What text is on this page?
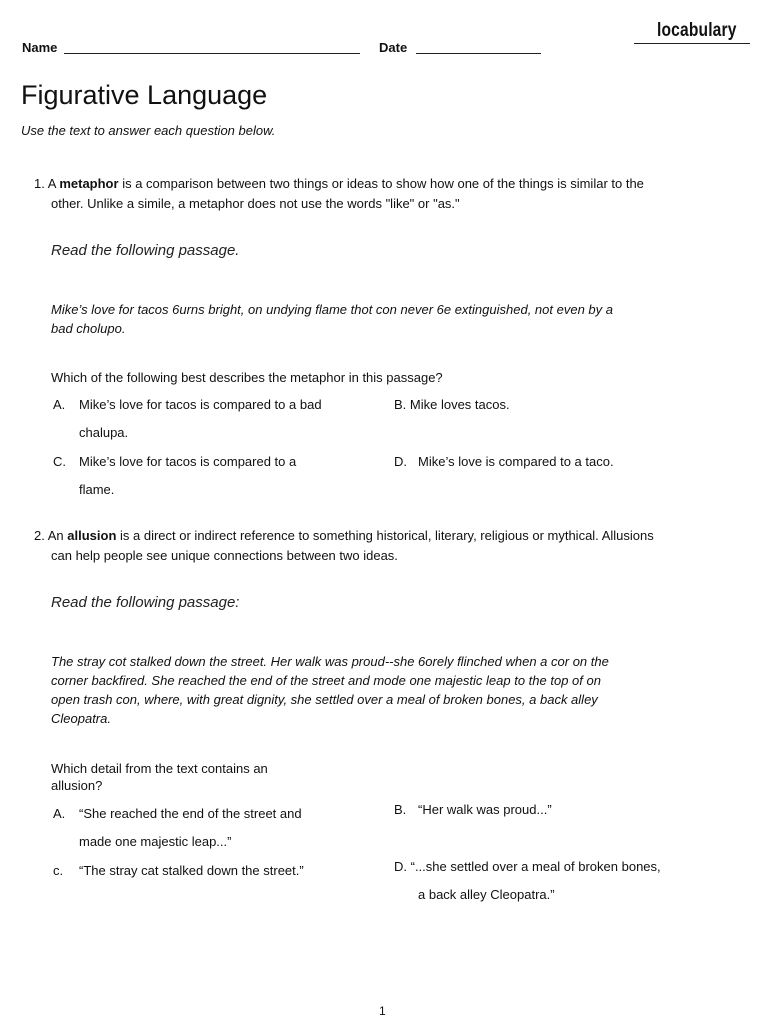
locabulary
Name	Date
Figurative Language
Use the text to answer each question below.
1. A metaphor is a comparison between two things or ideas to show how one of the things is similar to the
other. Unlike a simile, a metaphor does not use the words "like" or "as."
Read the following passage.
Mike’s love for tacos 6urns bright, on undying flame thot con never 6e extinguished, not even by a
bad cholupo.
Which of the following best describes the metaphor in this passage?
A. Mike’s love for tacos is compared to a bad
chalupa.
B. Mike loves tacos.
C. Mike’s love for tacos is compared to a
flame.
D. Mike’s love is compared to a taco.
2. An allusion is a direct or indirect reference to something historical, literary, religious or mythical. Allusions
can help people see unique connections between two ideas.
Read the following passage:
The stray cot stalked down the street. Her walk was proud--she 6orely flinched when a cor on the
corner backfired. She reached the end of the street and mode one majestic leap to the top of on
open trash con, where, with great dignity, she settled over a meal of broken bones, a back alley
Cleopatra.
Which detail from the text contains an
allusion?
A. “She reached the end of the street and
made one majestic leap...”
B. “Her walk was proud...”
c. “The stray cat stalked down the street.”	D. “...she settled over a meal of broken bones,
a back alley Cleopatra.”
1
